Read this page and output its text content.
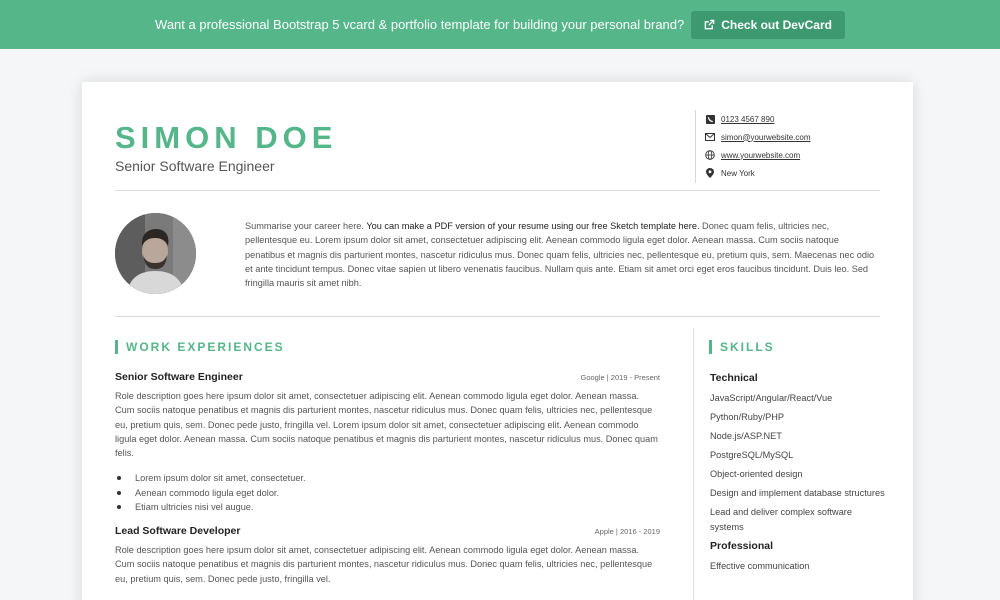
Want a professional Bootstrap 5 vcard & portfolio template for building your personal brand?	Check out DevCard
SIMON DOE
Senior Software Engineer
0123 4567 890
simon@yourwebsite.com
www.yourwebsite.com
New York
Summarise your career here. You can make a PDF version of your resume using our free Sketch template here. Donec quam felis, ultricies nec, pellentesque eu. Lorem ipsum dolor sit amet, consectetuer adipiscing elit. Aenean commodo ligula eget dolor. Aenean massa. Cum sociis natoque penatibus et magnis dis parturient montes, nascetur ridiculus mus. Donec quam felis, ultricies nec, pellentesque eu, pretium quis, sem. Maecenas nec odio et ante tincidunt tempus. Donec vitae sapien ut libero venenatis faucibus. Nullam quis ante. Etiam sit amet orci eget eros faucibus tincidunt. Duis leo. Sed fringilla mauris sit amet nibh.
WORK EXPERIENCES
Senior Software Engineer	Google | 2019 - Present
Role description goes here ipsum dolor sit amet, consectetuer adipiscing elit. Aenean commodo ligula eget dolor. Aenean massa. Cum sociis natoque penatibus et magnis dis parturient montes, nascetur ridiculus mus. Donec quam felis, ultricies nec, pellentesque eu, pretium quis, sem. Donec pede justo, fringilla vel. Lorem ipsum dolor sit amet, consectetuer adipiscing elit. Aenean commodo ligula eget dolor. Aenean massa. Cum sociis natoque penatibus et magnis dis parturient montes, nascetur ridiculus mus. Donec quam felis.
Lorem ipsum dolor sit amet, consectetuer.
Aenean commodo ligula eget dolor.
Etiam ultricies nisi vel augue.
Lead Software Developer	Apple | 2016 - 2019
Role description goes here ipsum dolor sit amet, consectetuer adipiscing elit. Aenean commodo ligula eget dolor. Aenean massa. Cum sociis natoque penatibus et magnis dis parturient montes, nascetur ridiculus mus. Donec quam felis, ultricies nec, pellentesque eu, pretium quis, sem. Donec pede justo, fringilla vel.
SKILLS
Technical
JavaScript/Angular/React/Vue
Python/Ruby/PHP
Node.js/ASP.NET
PostgreSQL/MySQL
Object-oriented design
Design and implement database structures
Lead and deliver complex software systems
Professional
Effective communication
